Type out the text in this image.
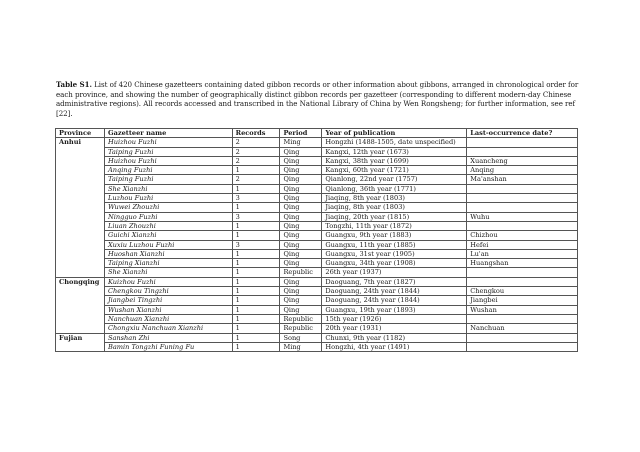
Table S1. List of 420 Chinese gazetteers containing dated gibbon records or other information about gibbons, arranged in chronological order for each province, and showing the number of geographically distinct gibbon records per gazetteer (corresponding to different modern-day Chinese administrative regions). All records accessed and transcribed in the National Library of China by Wen Rongsheng; for further information, see ref [22].
Province	Gazetteer name	Records	Period	Year of publication	Last-occurrence date?
Anhui	Huizhou Fuzhi	2	Ming	Hongzhi (1488-1505, date unspecified)	
	Taiping Fuzhi	2	Qing	Kangxi, 12th year (1673)	
	Huizhou Fuzhi	2	Qing	Kangxi, 38th year (1699)	Xuancheng
	Anqing Fuzhi	1	Qing	Kangxi, 60th year (1721)	Anqing
	Taiping Fuzhi	2	Qing	Qianlong, 22nd year (1757)	Ma'anshan
	She Xianzhi	1	Qing	Qianlong, 36th year (1771)	
	Luzhou Fuzhi	3	Qing	Jiaqing, 8th year (1803)	
	Wuwei Zhouzhi	1	Qing	Jiaqing, 8th year (1803)	
	Ningguo Fuzhi	3	Qing	Jiaqing, 20th year (1815)	Wuhu
	Liuan Zhouzhi	1	Qing	Tongzhi, 11th year (1872)	
	Guichi Xianzhi	1	Qing	Guangxu, 9th year (1883)	Chizhou
	Xuxiu Luzhou Fuzhi	3	Qing	Guangxu, 11th year (1885)	Hefei
	Huoshan Xianzhi	1	Qing	Guangxu, 31st year (1905)	Lu'an
	Taiping Xianzhi	1	Qing	Guangxu, 34th year (1908)	Huangshan
	She Xianzhi	1	Republic	26th year (1937)	
Chongqing	Kuizhou Fuzhi	1	Qing	Daoguang, 7th year (1827)	
	Chengkou Tingzhi	1	Qing	Daoguang, 24th year (1844)	Chengkou
	Jiangbei Tingzhi	1	Qing	Daoguang, 24th year (1844)	Jiangbei
	Wushan Xianzhi	1	Qing	Guangxu, 19th year (1893)	Wushan
	Nanchuan Xianzhi	1	Republic	15th year (1926)	
	Chongxiu Nanchuan Xianzhi	1	Republic	20th year (1931)	Nanchuan
Fujian	Sanshan Zhi	1	Song	Chunxi, 9th year (1182)	
	Bamin Tongzhi Funing Fu	1	Ming	Hongzhi, 4th year (1491)	
